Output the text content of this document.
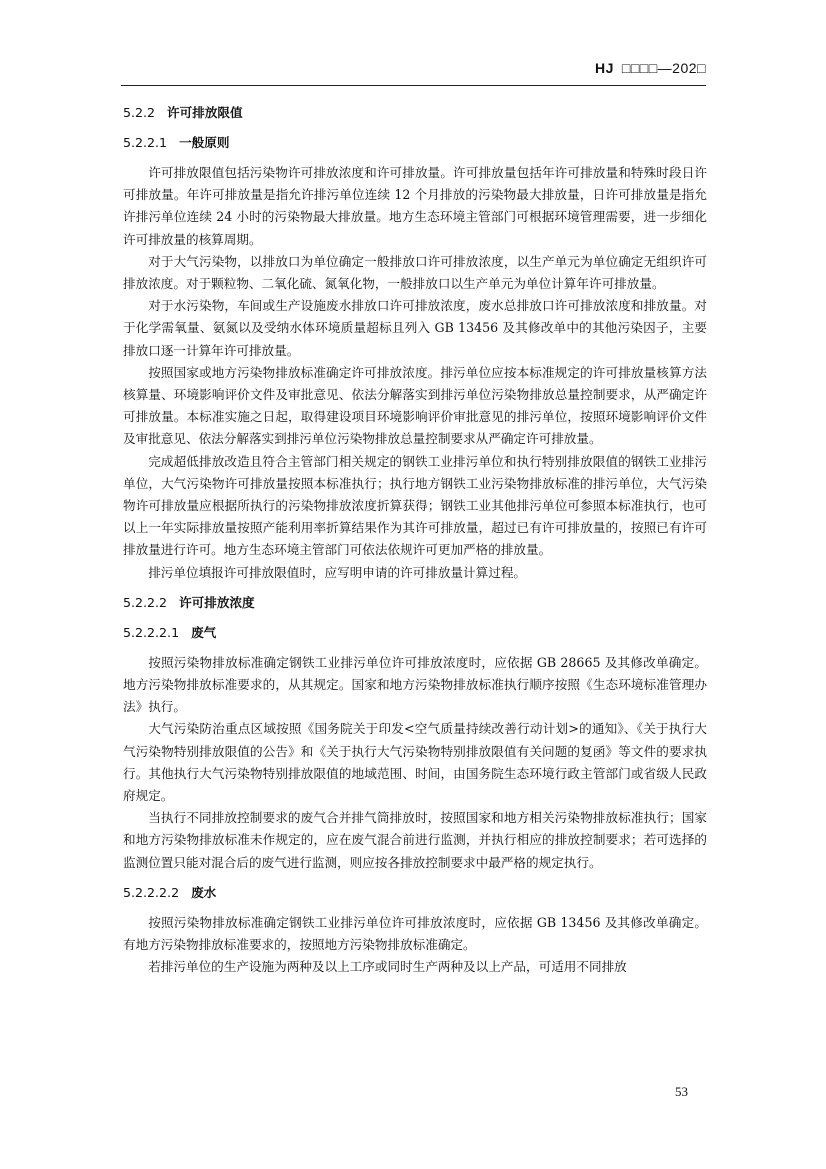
HJ □□□□—202□
5.2.2 许可排放限值
5.2.2.1 一般原则

许可排放限值包括污染物许可排放浓度和许可排放量。许可排放量包括年许可排放量和特殊时段日许可排放量。年许可排放量是指允许排污单位连续 12 个月排放的污染物最大排放量，日许可排放量是指允许排污单位连续 24 小时的污染物最大排放量。地方生态环境主管部门可根据环境管理需要，进一步细化许可排放量的核算周期。

对于大气污染物，以排放口为单位确定一般排放口许可排放浓度，以生产单元为单位确定无组织许可排放浓度。对于颗粒物、二氧化硫、氮氧化物，一般排放口以生产单元为单位计算年许可排放量。

对于水污染物，车间或生产设施废水排放口许可排放浓度，废水总排放口许可排放浓度和排放量。对于化学需氧量、氨氮以及受纳水体环境质量超标且列入 GB 13456 及其修改单中的其他污染因子，主要排放口逐一计算年许可排放量。

按照国家或地方污染物排放标准确定许可排放浓度。排污单位应按本标准规定的许可排放量核算方法核算量、环境影响评价文件及审批意见、依法分解落实到排污单位污染物排放总量控制要求，从严确定许可排放量。本标准实施之日起，取得建设项目环境影响评价审批意见的排污单位，按照环境影响评价文件及审批意见、依法分解落实到排污单位污染物排放总量控制要求从严确定许可排放量。

完成超低排放改造且符合主管部门相关规定的钢铁工业排污单位和执行特别排放限值的钢铁工业排污单位，大气污染物许可排放量按照本标准执行；执行地方钢铁工业污染物排放标准的排污单位，大气污染物许可排放量应根据所执行的污染物排放浓度折算获得；钢铁工业其他排污单位可参照本标准执行，也可以上一年实际排放量按照产能利用率折算结果作为其许可排放量，超过已有许可排放量的，按照已有许可排放量进行许可。地方生态环境主管部门可依法依规许可更加严格的排放量。

排污单位填报许可排放限值时，应写明申请的许可排放量计算过程。

5.2.2.2 许可排放浓度
5.2.2.2.1 废气

按照污染物排放标准确定钢铁工业排污单位许可排放浓度时，应依据 GB 28665 及其修改单确定。地方污染物排放标准要求的，从其规定。国家和地方污染物排放标准执行顺序按照《生态环境标准管理办法》执行。

大气污染防治重点区域按照《国务院关于印发<空气质量持续改善行动计划>的通知》、《关于执行大气污染物特别排放限值的公告》和《关于执行大气污染物特别排放限值有关问题的复函》等文件的要求执行。其他执行大气污染物特别排放限值的地域范围、时间，由国务院生态环境行政主管部门或省级人民政府规定。

当执行不同排放控制要求的废气合并排气筒排放时，按照国家和地方相关污染物排放标准执行；国家和地方污染物排放标准未作规定的，应在废气混合前进行监测，并执行相应的排放控制要求；若可选择的监测位置只能对混合后的废气进行监测，则应按各排放控制要求中最严格的规定执行。

5.2.2.2.2 废水

按照污染物排放标准确定钢铁工业排污单位许可排放浓度时，应依据 GB 13456 及其修改单确定。有地方污染物排放标准要求的，按照地方污染物排放标准确定。

若排污单位的生产设施为两种及以上工序或同时生产两种及以上产品，可适用不同排放

53
